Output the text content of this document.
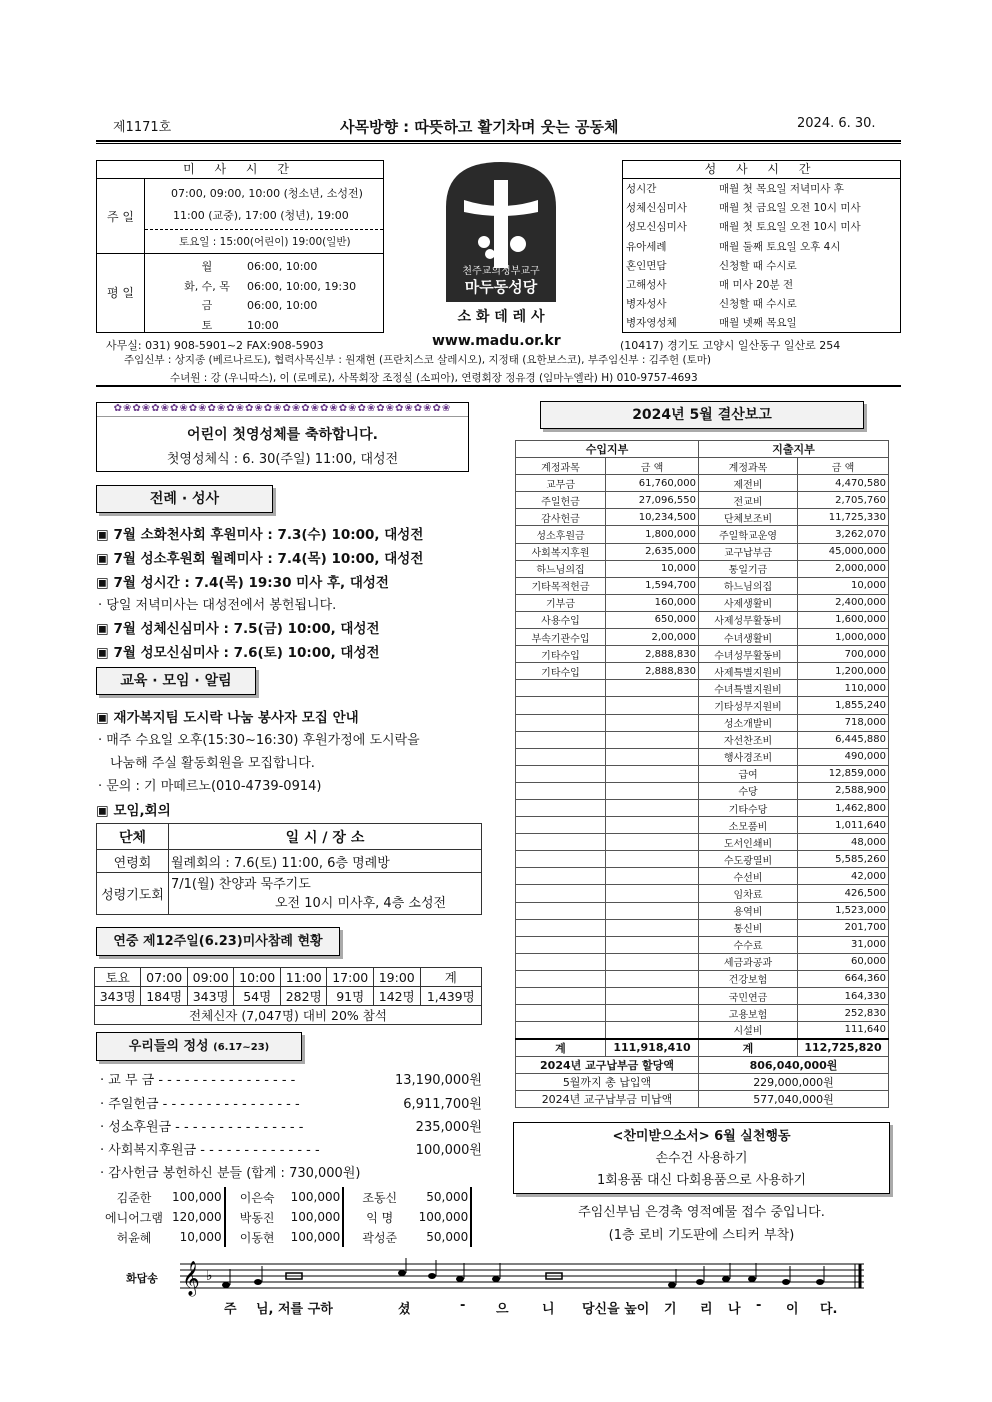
제1171호	사목방향 : 따뜻하고 활기차며 웃는 공동체	2024. 6. 30.
미 사 시 간
주 일
07:00, 09:00, 10:00 (청소년, 소성전)
11:00 (교중), 17:00 (청년), 19:00
토요일 : 15:00(어린이) 19:00(일반)
평 일
월	06:00, 10:00
화, 수, 목	06:00, 10:00, 19:30
금	06:00, 10:00
토	10:00
천주교의정부교구
마두동성당
소 화 데 레 사
성 사 시 간
성시간	매월 첫 목요일 저녁미사 후
성체신심미사	매월 첫 금요일 오전 10시 미사
성모신심미사	매월 첫 토요일 오전 10시 미사
유아세례	매월 둘째 토요일 오후 4시
혼인면담	신청할 때 수시로
고해성사	매 미사 20분 전
병자성사	신청할 때 수시로
병자영성체	매월 넷째 목요일
사무실: 031) 908-5901~2 FAX:908-5903	www.madu.or.kr	(10417) 경기도 고양시 일산동구 일산로 254
주임신부 : 상지종 (베르나르도), 협력사목신부 : 원재현 (프란치스코 살레시오), 지정태 (요한보스코), 부주임신부 : 김주헌 (토마)
수녀원 : 강 (우니따스), 이 (로메로), 사목회장 조정실 (소피아), 연령회장 정유경 (임마누엘라) H) 010-9757-4693
✿❀✿❀✿❀✿❀✿❀✿❀✿❀✿❀✿❀✿❀✿❀✿❀✿❀✿❀✿❀✿❀✿❀✿❀
어린이 첫영성체를 축하합니다.
첫영성체식 : 6. 30(주일) 11:00, 대성전
전례 · 성사
▣ 7월 소화천사회 후원미사 : 7.3(수) 10:00, 대성전
▣ 7월 성소후원회 월례미사 : 7.4(목) 10:00, 대성전
▣ 7월 성시간 : 7.4(목) 19:30 미사 후, 대성전
· 당일 저녁미사는 대성전에서 봉헌됩니다.
▣ 7월 성체신심미사 : 7.5(금) 10:00, 대성전
▣ 7월 성모신심미사 : 7.6(토) 10:00, 대성전
교육 · 모임 · 알림
▣ 재가복지팀 도시락 나눔 봉사자 모집 안내
· 매주 수요일 오후(15:30~16:30) 후원가정에 도시락을
나눔해 주실 활동회원을 모집합니다.
· 문의 : 기 마떼르노(010-4739-0914)
▣ 모임,회의
단체	일 시 / 장 소
연령회	월례회의 : 7.6(토) 11:00, 6층 명례방
성령기도회	7/1(월) 찬양과 묵주기도
오전 10시 미사후, 4층 소성전
연중 제12주일(6.23)미사참례 현황
토요	07:00	09:00	10:00	11:00	17:00	19:00	계
343명	184명	343명	54명	282명	91명	142명	1,439명
전체신자 (7,047명) 대비 20% 참석							
우리들의 정성 (6.17~23)
· 교 무 금 - - - - - - - - - - - - - - - -	13,190,000원
· 주일헌금 - - - - - - - - - - - - - - - -	6,911,700원
· 성소후원금 - - - - - - - - - - - - - - -	235,000원
· 사회복지후원금 - - - - - - - - - - - - - -	100,000원
· 감사헌금 봉헌하신 분들 (합계 : 730,000원)
김준한	100,000	이은숙	100,000	조동신	50,000
에니어그램	120,000	박동진	100,000	익 명	100,000
허윤혜	10,000	이동현	100,000	곽성준	50,000
2024년 5월 결산보고
수입지부		지출지부	
계정과목	금 액	계정과목	금 액
교무금	61,760,000	제전비	4,470,580
주일헌금	27,096,550	전교비	2,705,760
감사헌금	10,234,500	단체보조비	11,725,330
성소후원금	1,800,000	주일학교운영	3,262,070
사회복지후원	2,635,000	교구납부금	45,000,000
하느님의집	10,000	통일기금	2,000,000
기타목적헌금	1,594,700	하느님의집	10,000
기부금	160,000	사제생활비	2,400,000
사용수입	650,000	사제성무활동비	1,600,000
부속기관수입	2,00,000	수녀생활비	1,000,000
기타수입	2,888,830	수녀성무활동비	700,000
기타수입	2,888,830	사제특별지원비	1,200,000
		수녀특별지원비	110,000
		기타성무지원비	1,855,240
		성소개발비	718,000
		자선찬조비	6,445,880
		행사경조비	490,000
		급여	12,859,000
		수당	2,588,900
		기타수당	1,462,800
		소모품비	1,011,640
		도서인쇄비	48,000
		수도광열비	5,585,260
		수선비	42,000
		임차료	426,500
		용역비	1,523,000
		통신비	201,700
		수수료	31,000
		세금과공과	60,000
		건강보험	664,360
		국민연금	164,330
		고용보험	252,830
		시설비	111,640
계	111,918,410	계	112,725,820
2024년 교구납부금 할당액		806,040,000원	
5월까지 총 납입액		229,000,000원	
2024년 교구납부금 미납액		577,040,000원	
<찬미받으소서> 6월 실천행동
손수건 사용하기
1회용품 대신 다회용품으로 사용하기
주임신부님 은경축 영적예물 접수 중입니다.
(1층 로비 기도판에 스티커 부착)
화답송 𝄞 ♭
주 님, 저를 구하	셨	- 으	니 당신을 높이 기 리 나 - 이 다.
